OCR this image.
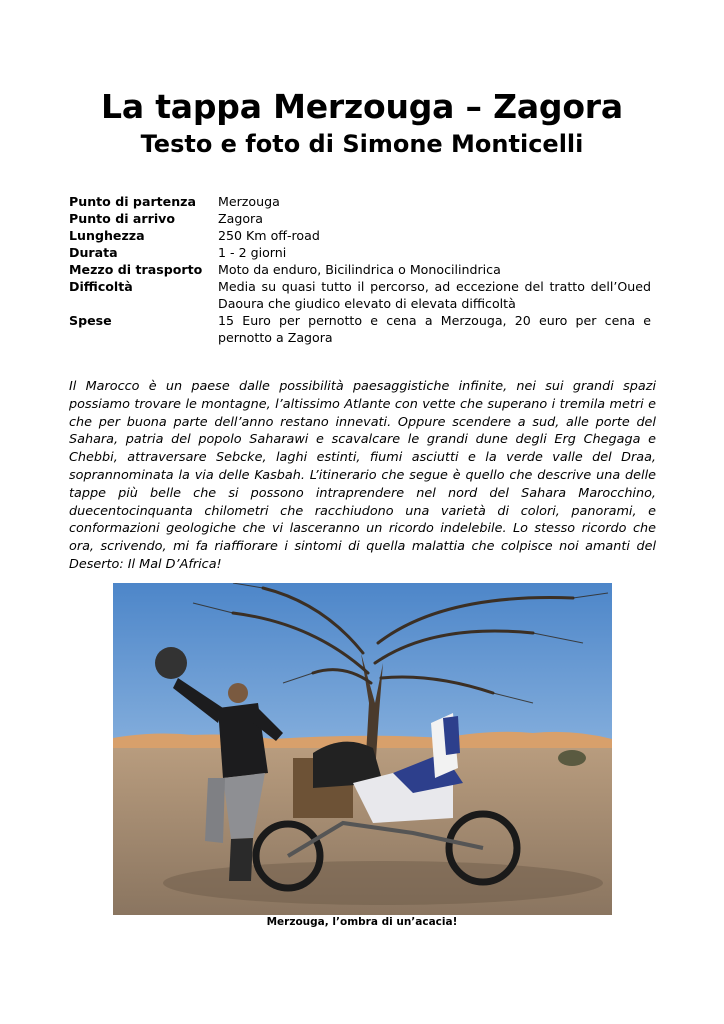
La tappa Merzouga – Zagora
Testo e foto di Simone Monticelli
Punto di partenza	Merzouga
Punto di arrivo	Zagora
Lunghezza	250 Km off-road
Durata	1 - 2 giorni
Mezzo di trasporto	Moto da enduro, Bicilindrica o Monocilindrica
Difficoltà	Media su quasi tutto il percorso, ad eccezione del tratto dell’Oued Daoura che giudico elevato di elevata difficoltà
Spese	15 Euro per pernotto e cena a Merzouga, 20 euro per cena e pernotto a Zagora
Il Marocco è un paese dalle possibilità paesaggistiche infinite, nei sui grandi spazi possiamo trovare le montagne, l’altissimo Atlante con vette che superano i tremila metri e che per buona parte dell’anno restano innevati. Oppure scendere a sud, alle porte del Sahara, patria del popolo Saharawi e scavalcare le grandi dune degli Erg Chegaga e Chebbi, attraversare Sebcke, laghi estinti, fiumi asciutti e la verde valle del Draa, soprannominata la via delle Kasbah. L’itinerario che segue è quello che descrive una delle tappe più belle che si possono intraprendere nel nord del Sahara Marocchino, duecentocinquanta chilometri che racchiudono una varietà di colori, panorami, e conformazioni geologiche che vi lasceranno un ricordo indelebile. Lo stesso ricordo che ora, scrivendo, mi fa riaffiorare i sintomi di quella malattia che colpisce noi amanti del Deserto: Il Mal D’Africa!
Merzouga, l’ombra di un’acacia!
